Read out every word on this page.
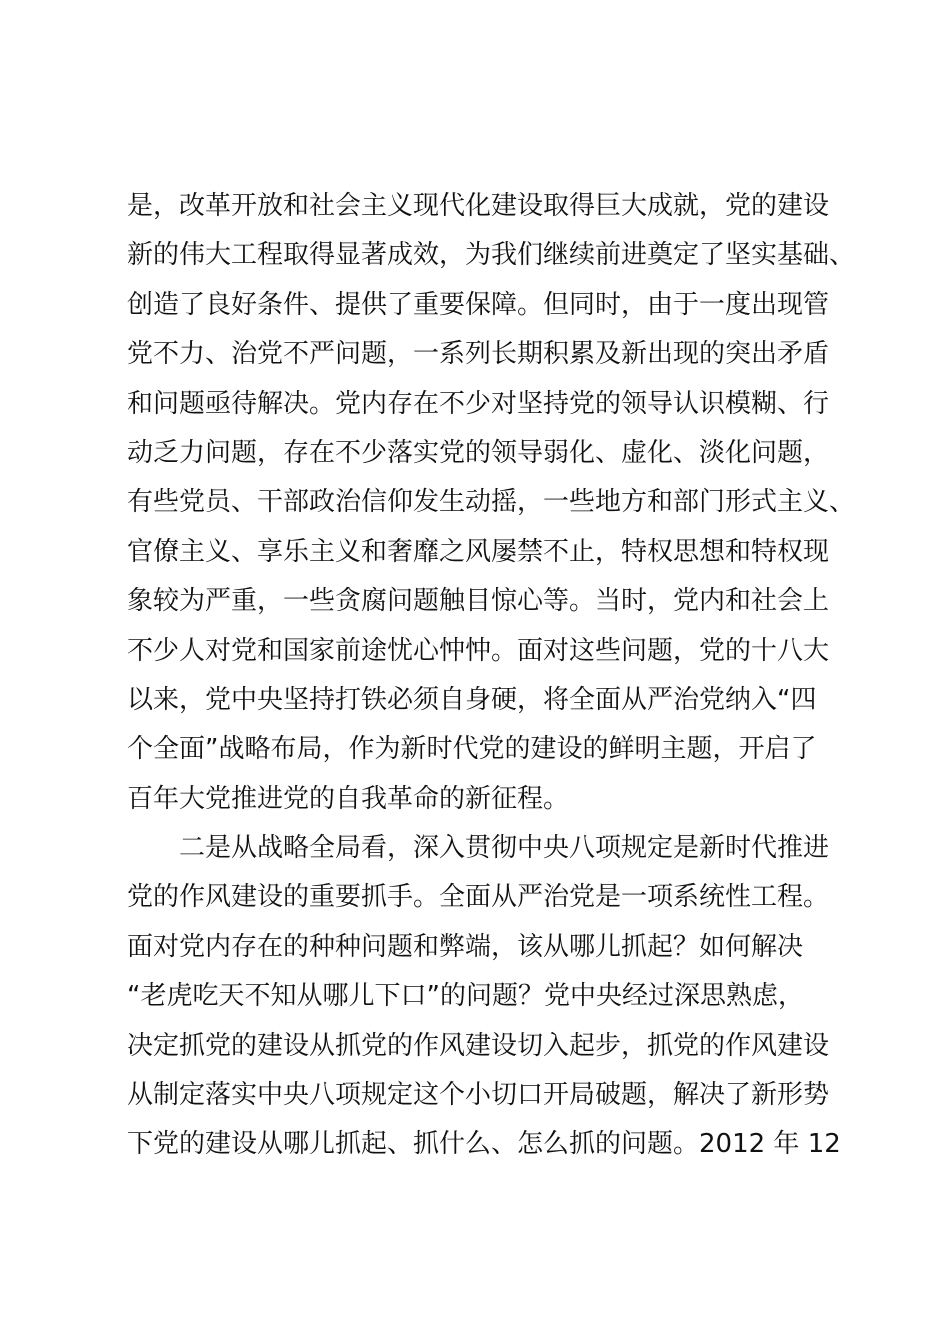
是，改革开放和社会主义现代化建设取得巨大成就，党的建设
新的伟大工程取得显著成效，为我们继续前进奠定了坚实基础、
创造了良好条件、提供了重要保障。但同时，由于一度出现管
党不力、治党不严问题，一系列长期积累及新出现的突出矛盾
和问题亟待解决。党内存在不少对坚持党的领导认识模糊、行
动乏力问题，存在不少落实党的领导弱化、虚化、淡化问题，
有些党员、干部政治信仰发生动摇，一些地方和部门形式主义、
官僚主义、享乐主义和奢靡之风屡禁不止，特权思想和特权现
象较为严重，一些贪腐问题触目惊心等。当时，党内和社会上
不少人对党和国家前途忧心忡忡。面对这些问题，党的十八大
以来，党中央坚持打铁必须自身硬，将全面从严治党纳入“四
个全面”战略布局，作为新时代党的建设的鲜明主题，开启了
百年大党推进党的自我革命的新征程。
二是从战略全局看，深入贯彻中央八项规定是新时代推进
党的作风建设的重要抓手。全面从严治党是一项系统性工程。
面对党内存在的种种问题和弊端，该从哪儿抓起？如何解决
“老虎吃天不知从哪儿下口”的问题？党中央经过深思熟虑，
决定抓党的建设从抓党的作风建设切入起步，抓党的作风建设
从制定落实中央八项规定这个小切口开局破题，解决了新形势
下党的建设从哪儿抓起、抓什么、怎么抓的问题。2012 年 12
